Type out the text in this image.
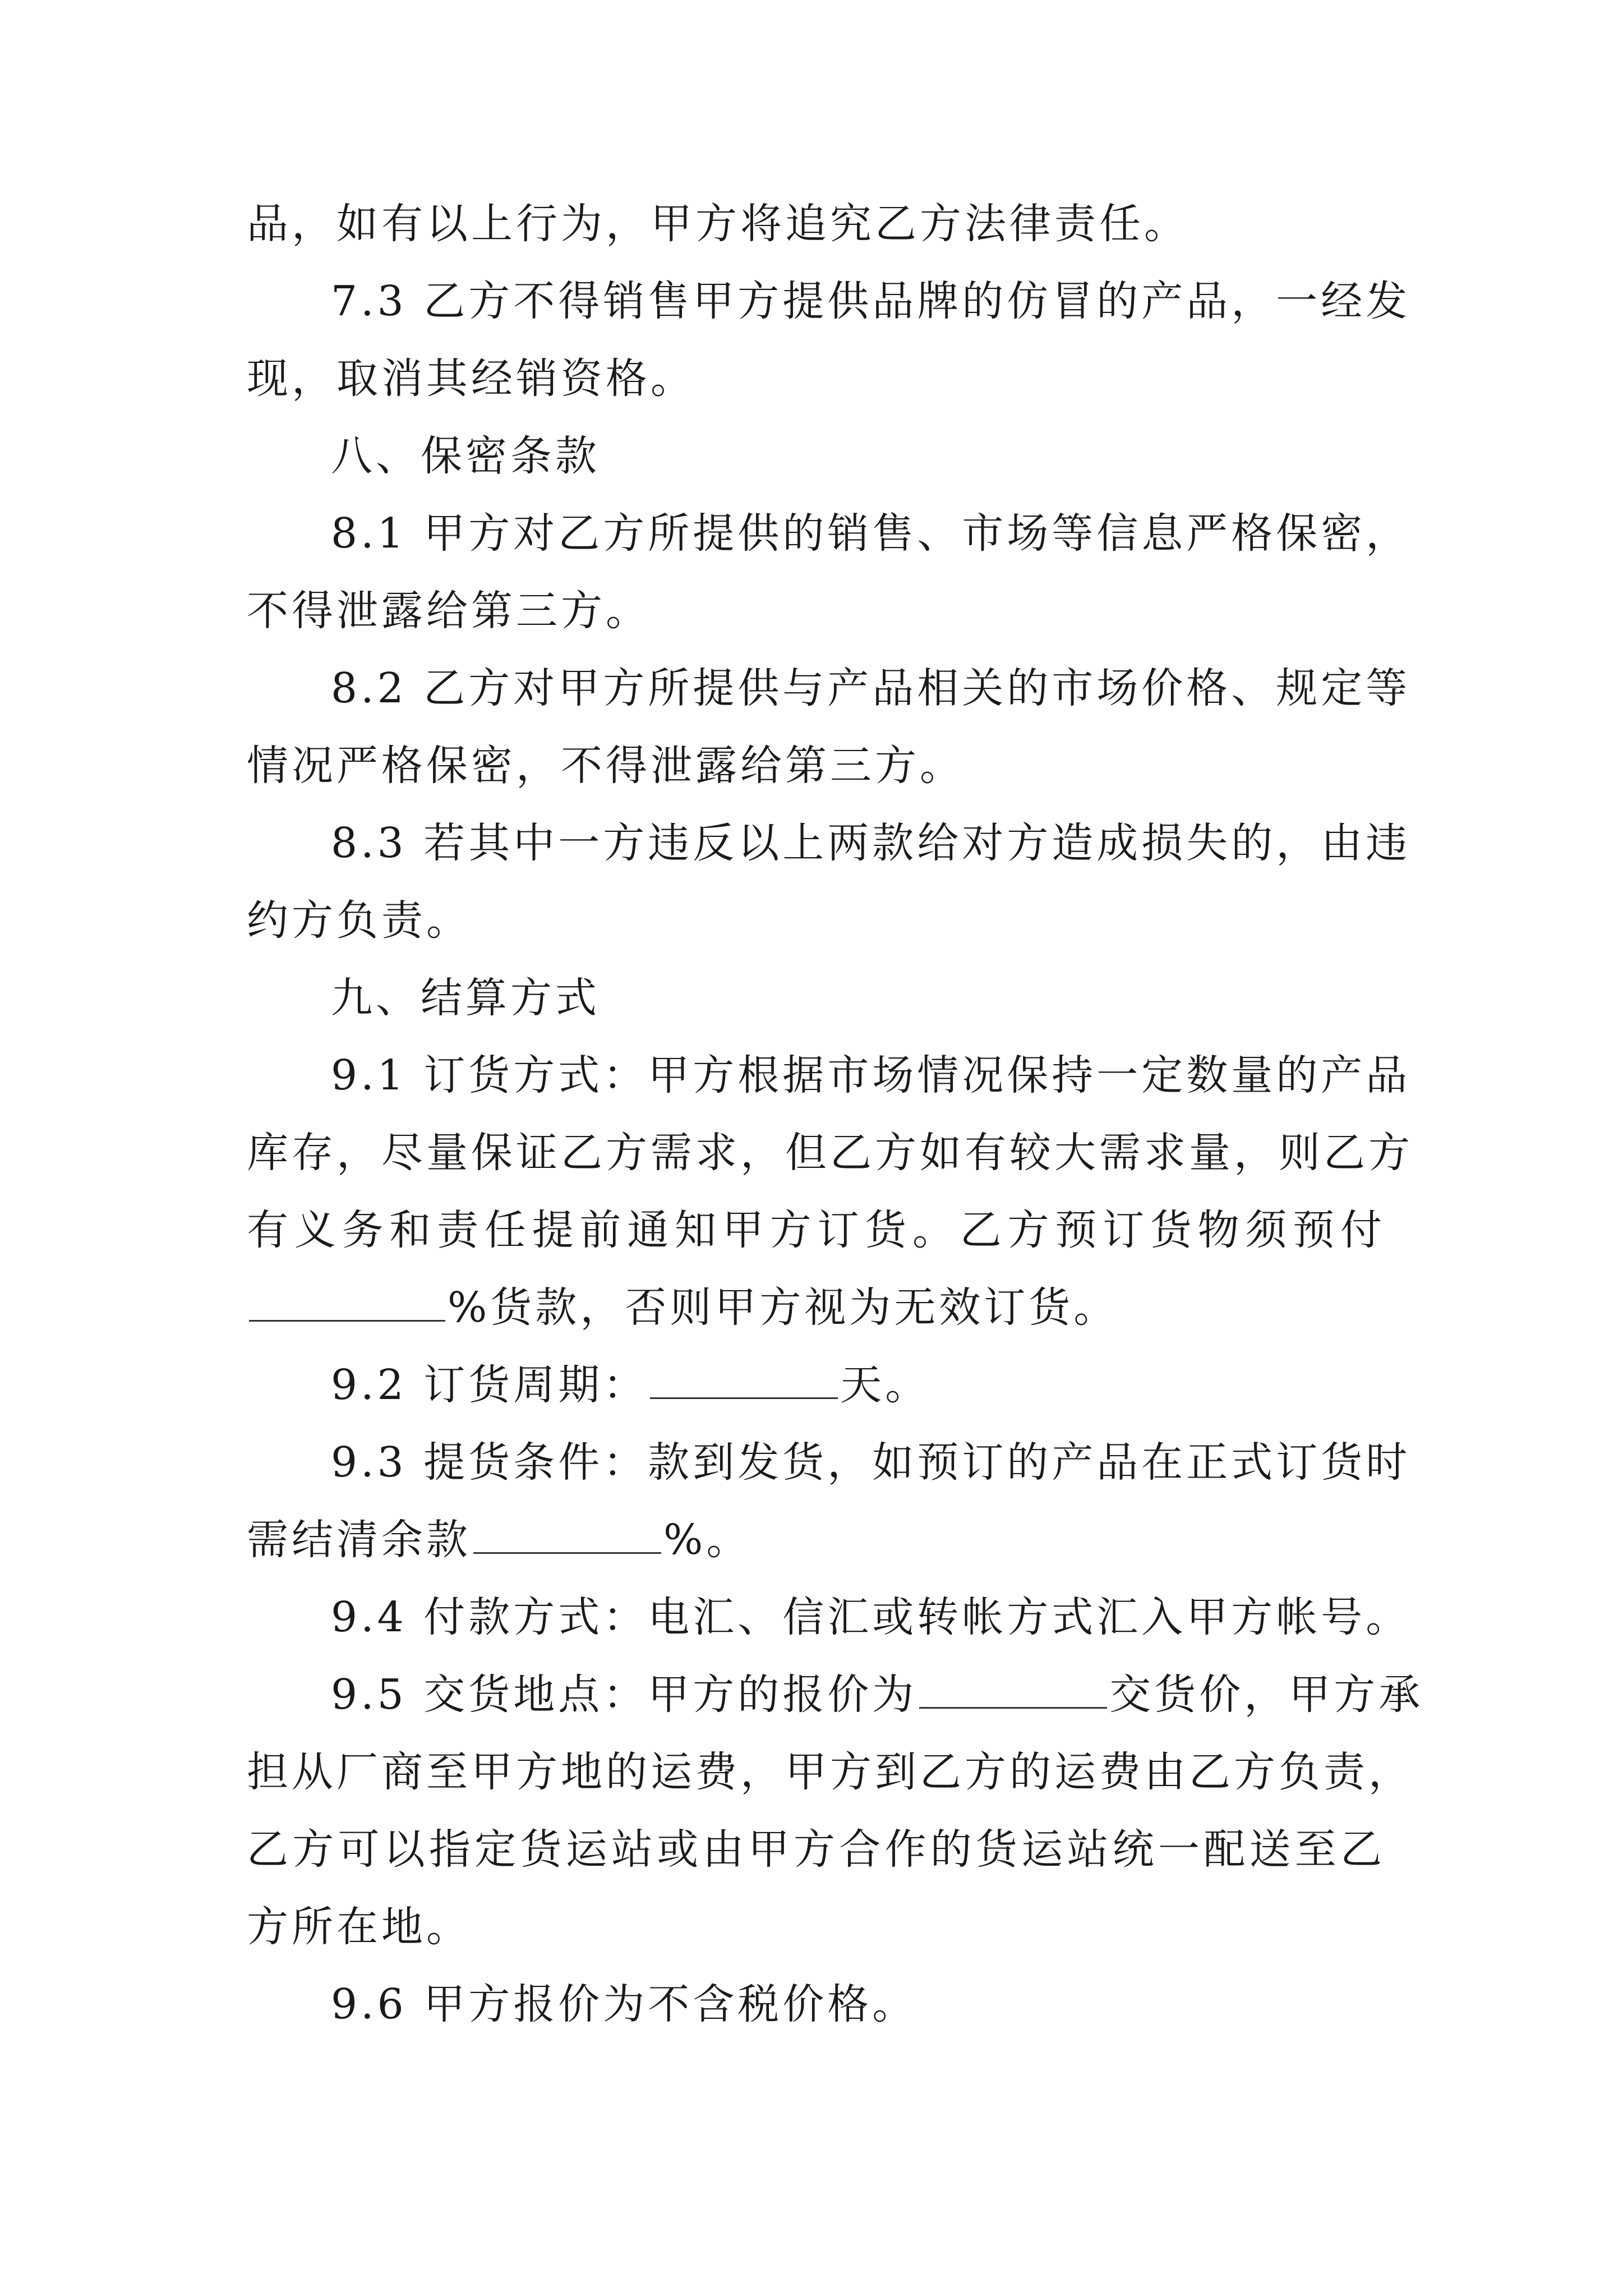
品，如有以上行为，甲方将追究乙方法律责任。
7.3 乙方不得销售甲方提供品牌的仿冒的产品，一经发
现，取消其经销资格。
八、保密条款
8.1 甲方对乙方所提供的销售、市场等信息严格保密，
不得泄露给第三方。
8.2 乙方对甲方所提供与产品相关的市场价格、规定等
情况严格保密，不得泄露给第三方。
8.3 若其中一方违反以上两款给对方造成损失的，由违
约方负责。
九、结算方式
9.1 订货方式：甲方根据市场情况保持一定数量的产品
库存，尽量保证乙方需求，但乙方如有较大需求量，则乙方
有义务和责任提前通知甲方订货。乙方预订货物须预付
%货款，否则甲方视为无效订货。
9.2 订货周期：	天。
9.3 提货条件：款到发货，如预订的产品在正式订货时
需结清余款	%。
9.4 付款方式：电汇、信汇或转帐方式汇入甲方帐号。
9.5 交货地点：甲方的报价为	交货价，甲方承
担从厂商至甲方地的运费，甲方到乙方的运费由乙方负责，
乙方可以指定货运站或由甲方合作的货运站统一配送至乙
方所在地。
9.6 甲方报价为不含税价格。
